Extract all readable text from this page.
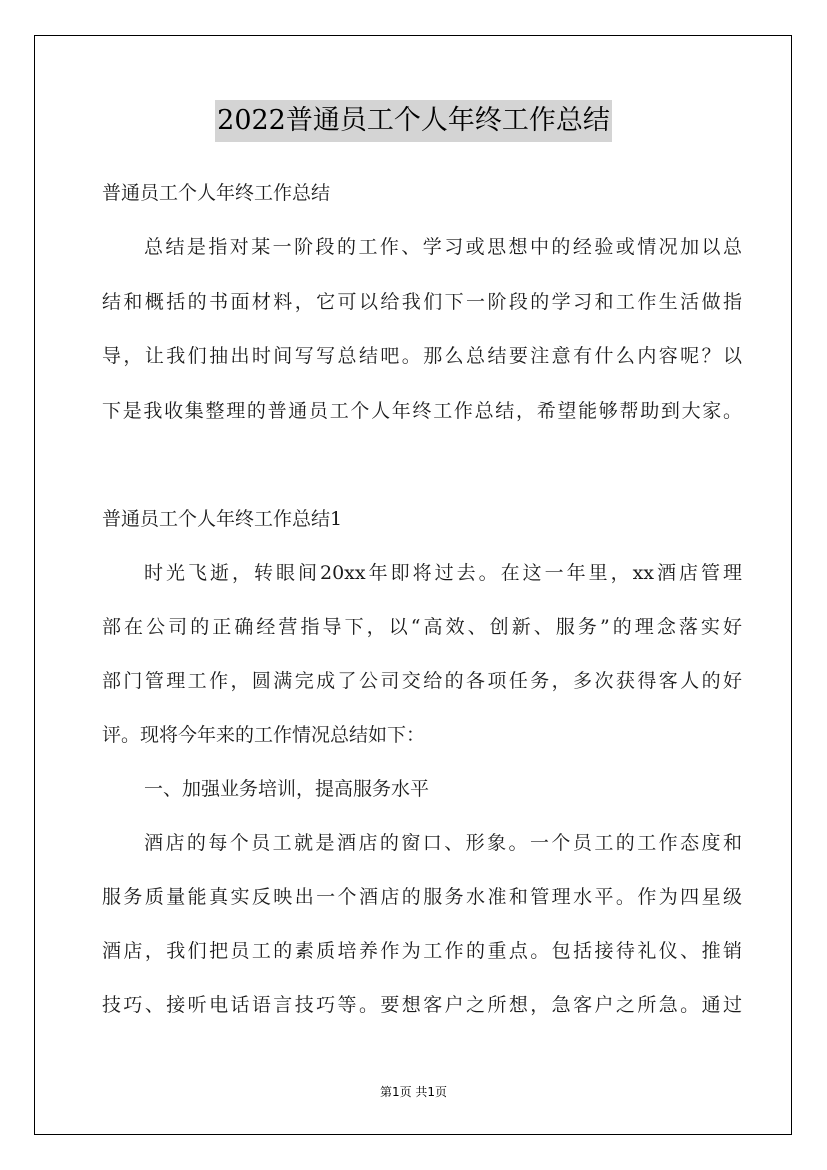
2022普通员工个人年终工作总结
普通员工个人年终工作总结
总结是指对某一阶段的工作、学习或思想中的经验或情况加以总
结和概括的书面材料，它可以给我们下一阶段的学习和工作生活做指
导，让我们抽出时间写写总结吧。那么总结要注意有什么内容呢？以
下是我收集整理的普通员工个人年终工作总结，希望能够帮助到大家。
普通员工个人年终工作总结1
时光飞逝，转眼间20xx年即将过去。在这一年里，xx酒店管理
部在公司的正确经营指导下，以“高效、创新、服务”的理念落实好
部门管理工作，圆满完成了公司交给的各项任务，多次获得客人的好
评。现将今年来的工作情况总结如下：
一、加强业务培训，提高服务水平
酒店的每个员工就是酒店的窗口、形象。一个员工的工作态度和
服务质量能真实反映出一个酒店的服务水准和管理水平。作为四星级
酒店，我们把员工的素质培养作为工作的重点。包括接待礼仪、推销
技巧、接听电话语言技巧等。要想客户之所想，急客户之所急。通过
第1页 共1页
